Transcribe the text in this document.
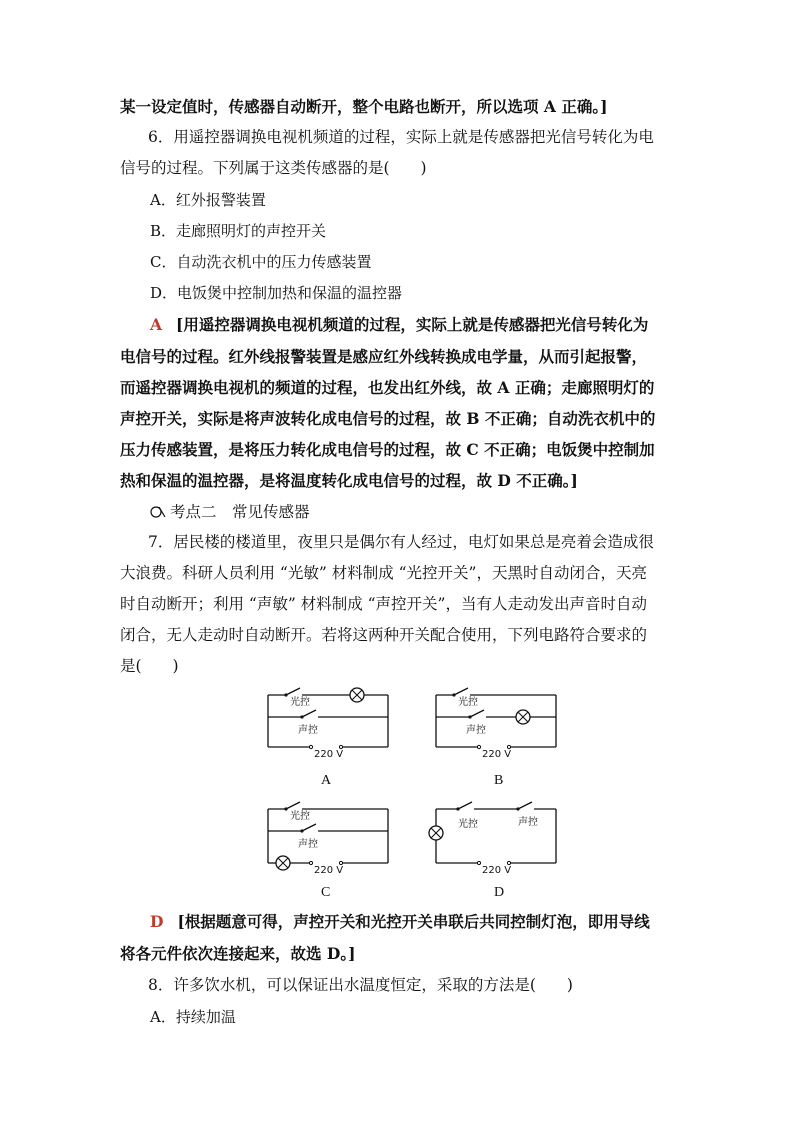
某一设定值时，传感器自动断开，整个电路也断开，所以选项 A 正确。]
6．用遥控器调换电视机频道的过程，实际上就是传感器把光信号转化为电
信号的过程。下列属于这类传感器的是(　　)
A．红外报警装置
B．走廊照明灯的声控开关
C．自动洗衣机中的压力传感装置
D．电饭煲中控制加热和保温的温控器
A [用遥控器调换电视机频道的过程，实际上就是传感器把光信号转化为
电信号的过程。红外线报警装置是感应红外线转换成电学量，从而引起报警，
而遥控器调换电视机的频道的过程，也发出红外线，故 A 正确；走廊照明灯的
声控开关，实际是将声波转化成电信号的过程，故 B 不正确；自动洗衣机中的
压力传感装置，是将压力转化成电信号的过程，故 C 不正确；电饭煲中控制加
热和保温的温控器，是将温度转化成电信号的过程，故 D 不正确。]
考点二　常见传感器
7．居民楼的楼道里，夜里只是偶尔有人经过，电灯如果总是亮着会造成很
大浪费。科研人员利用 “光敏” 材料制成 “光控开关”，天黑时自动闭合，天亮
时自动断开；利用 “声敏” 材料制成 “声控开关”，当有人走动发出声音时自动
闭合，无人走动时自动断开。若将这两种开关配合使用，下列电路符合要求的
是(　　)
光控
声控
220 V
A
光控
声控
220 V
B
光控
声控
220 V
C
光控	声控
220 V
D
D [根据题意可得，声控开关和光控开关串联后共同控制灯泡，即用导线
将各元件依次连接起来，故选 D。]
8．许多饮水机，可以保证出水温度恒定，采取的方法是(　　)
A．持续加温
